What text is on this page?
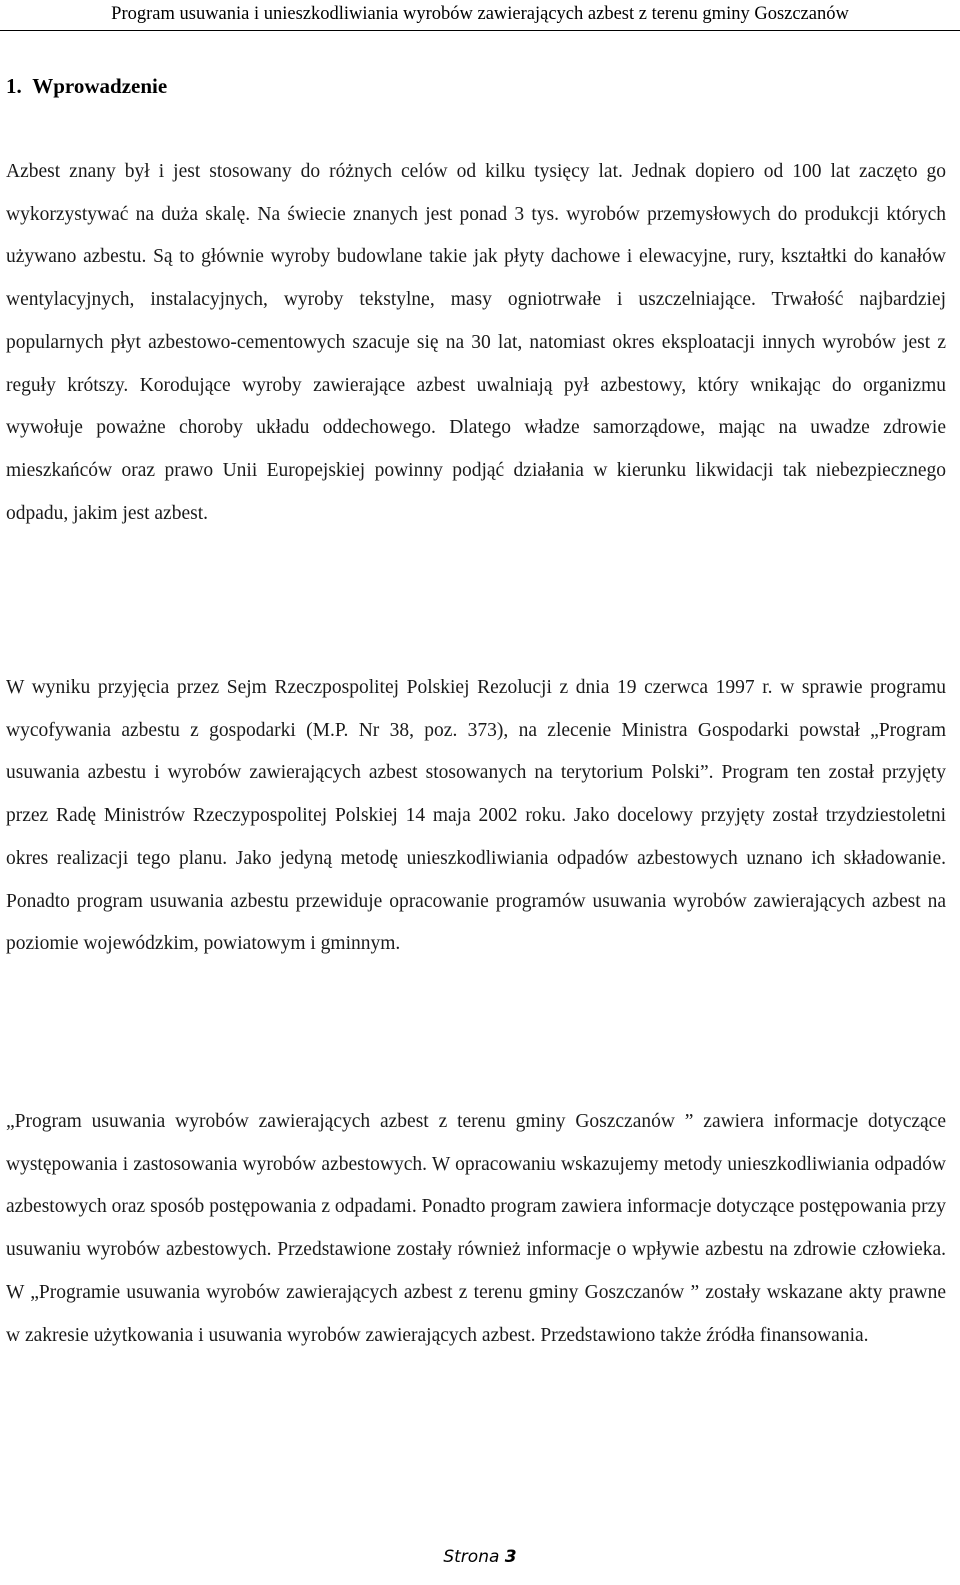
Program usuwania i unieszkodliwiania wyrobów zawierających azbest z terenu gminy Goszczanów
1. Wprowadzenie

Azbest znany był i jest stosowany do różnych celów od kilku tysięcy lat. Jednak dopiero od 100 lat zaczęto go wykorzystywać na duża skalę. Na świecie znanych jest ponad 3 tys. wyrobów przemysłowych do produkcji których używano azbestu. Są to głównie wyroby budowlane takie jak płyty dachowe i elewacyjne, rury, kształtki do kanałów wentylacyjnych, instalacyjnych, wyroby tekstylne, masy ogniotrwałe i uszczelniające. Trwałość najbardziej popularnych płyt azbestowo-cementowych szacuje się na 30 lat, natomiast okres eksploatacji innych wyrobów jest z reguły krótszy. Korodujące wyroby zawierające azbest uwalniają pył azbestowy, który wnikając do organizmu wywołuje poważne choroby układu oddechowego. Dlatego władze samorządowe, mając na uwadze zdrowie mieszkańców oraz prawo Unii Europejskiej powinny podjąć działania w kierunku likwidacji tak niebezpiecznego odpadu, jakim jest azbest.

W wyniku przyjęcia przez Sejm Rzeczpospolitej Polskiej Rezolucji z dnia 19 czerwca 1997 r. w sprawie programu wycofywania azbestu z gospodarki (M.P. Nr 38, poz. 373), na zlecenie Ministra Gospodarki powstał „Program usuwania azbestu i wyrobów zawierających azbest stosowanych na terytorium Polski”. Program ten został przyjęty przez Radę Ministrów Rzeczypospolitej Polskiej 14 maja 2002 roku. Jako docelowy przyjęty został trzydziestoletni okres realizacji tego planu. Jako jedyną metodę unieszkodliwiania odpadów azbestowych uznano ich składowanie. Ponadto program usuwania azbestu przewiduje opracowanie programów usuwania wyrobów zawierających azbest na poziomie wojewódzkim, powiatowym i gminnym.

„Program usuwania wyrobów zawierających azbest z terenu gminy Goszczanów ” zawiera informacje dotyczące występowania i zastosowania wyrobów azbestowych. W opracowaniu wskazujemy metody unieszkodliwiania odpadów azbestowych oraz sposób postępowania z odpadami. Ponadto program zawiera informacje dotyczące postępowania przy usuwaniu wyrobów azbestowych. Przedstawione zostały również informacje o wpływie azbestu na zdrowie człowieka. W „Programie usuwania wyrobów zawierających azbest z terenu gminy Goszczanów ” zostały wskazane akty prawne w zakresie użytkowania i usuwania wyrobów zawierających azbest. Przedstawiono także źródła finansowania.

Strona 3
